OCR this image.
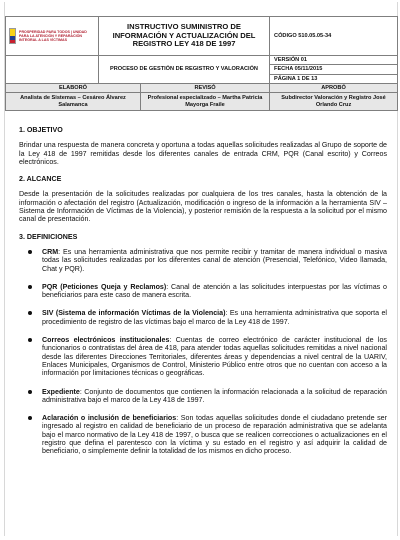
PROSPERIDAD PARA TODOS | UNIDAD PARA LA ATENCIÓN Y REPARACIÓN INTEGRAL A LAS VÍCTIMAS	INSTRUCTIVO SUMINISTRO DE INFORMACIÓN Y ACTUALIZACIÓN DEL REGISTRO LEY 418 DE 1997		CÓDIGO 510.05.05-34
	PROCESO DE GESTIÓN DE REGISTRO Y VALORACIÓN		VERSIÓN 01
			FECHA 05/11/2015
			PÁGINA 1 DE 13
ELABORÓ		REVISÓ	APROBÓ
Analista de Sistemas – Cesáreo Álvarez Salamanca		Profesional especializado – Martha Patricia Mayorga Fraile	Subdirector Valoración y Registro José Orlando Cruz

1. OBJETIVO

Brindar una respuesta de manera concreta y oportuna a todas aquellas solicitudes realizadas al Grupo de soporte de la Ley 418 de 1997 remitidas desde los diferentes canales de entrada CRM, PQR (Canal escrito) y Correos electrónicos.

2. ALCANCE

Desde la presentación de la solicitudes realizadas por cualquiera de los tres canales, hasta la obtención de la información o afectación del registro (Actualización, modificación o ingreso de la información a la herramienta SIV – Sistema de Información de Víctimas de la Violencia), y posterior remisión de la respuesta a la solicitud por el mismo canal de presentación.

3. DEFINICIONES

CRM: Es una herramienta administrativa que nos permite recibir y tramitar de manera individual o masiva todas las solicitudes realizadas por los diferentes canal de atención (Presencial, Telefónico, Video llamada, Chat y PQR).
PQR (Peticiones Queja y Reclamos): Canal de atención a las solicitudes interpuestas por las víctimas o beneficiarios para este caso de manera escrita.
SIV (Sistema de información Víctimas de la Violencia): Es una herramienta administrativa que soporta el procedimiento de registro de las víctimas bajo el marco de la Ley 418 de 1997.
Correos electrónicos institucionales: Cuentas de correo electrónico de carácter institucional de los funcionarios o contratistas del área de 418, para atender todas aquellas solicitudes remitidas a nivel nacional desde las diferentes Direcciones Territoriales, diferentes áreas y dependencias a nivel central de la UARIV, Enlaces Municipales, Organismos de Control, Ministerio Público entre otros que no cuentan con acceso a la información por limitaciones técnicas o geográficas.
Expediente: Conjunto de documentos que contienen la información relacionada a la solicitud de reparación administrativa bajo el marco de la Ley 418 de 1997.
Aclaración o inclusión de beneficiarios: Son todas aquellas solicitudes donde el ciudadano pretende ser ingresado al registro en calidad de beneficiario de un proceso de reparación administrativa que se adelanta bajo el marco normativo de la Ley 418 de 1997, o busca que se realicen correcciones o actualizaciones en el registro que defina el parentesco con la víctima y su estado en el registro y así adquirir la calidad de beneficiario, o simplemente definir la totalidad de los mismos en dicho proceso.
